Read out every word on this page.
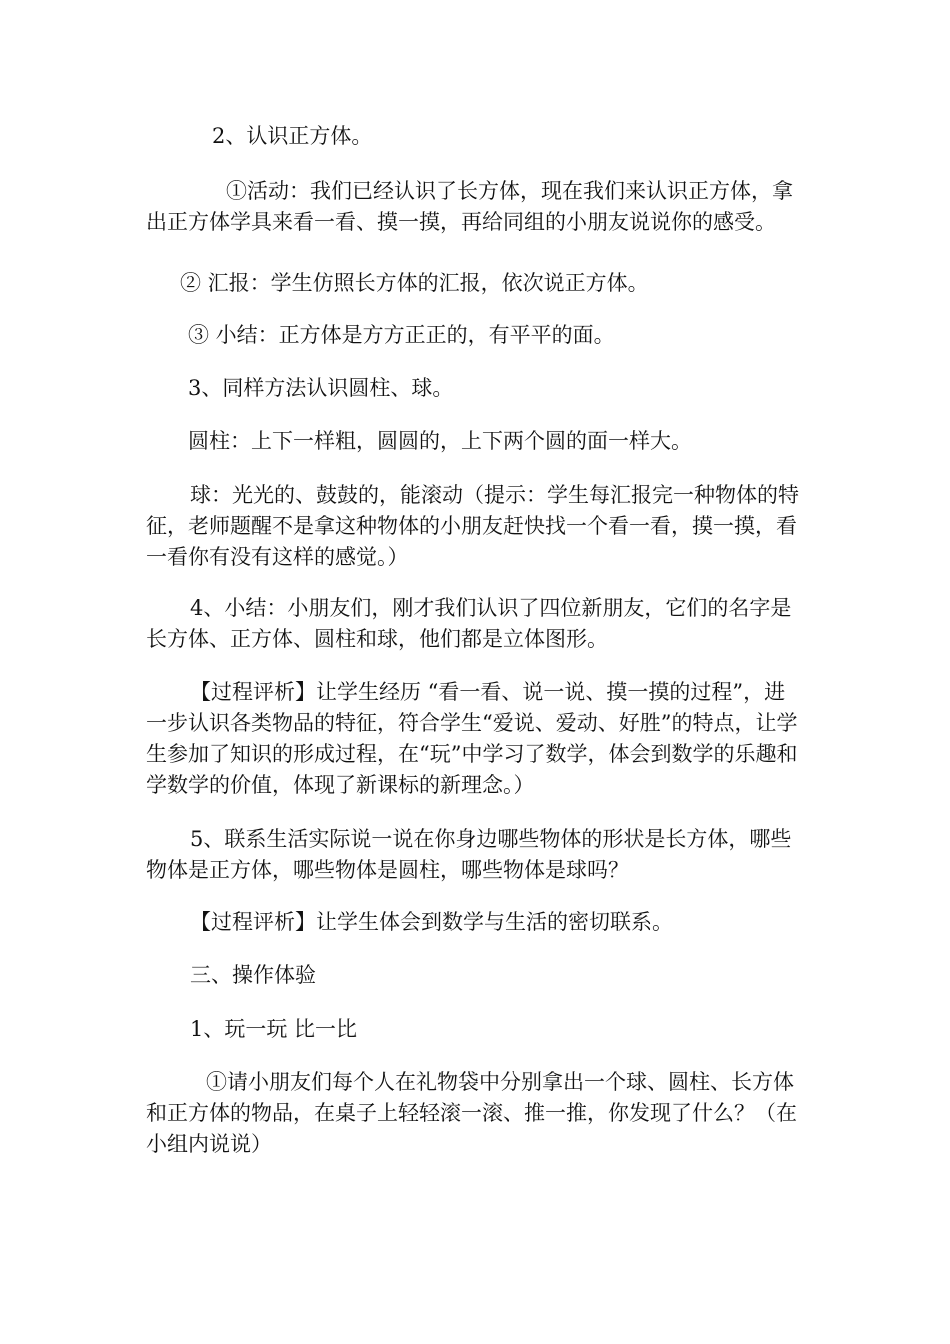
2、认识正方体。

①活动：我们已经认识了长方体，现在我们来认识正方体，拿出正方体学具来看一看、摸一摸，再给同组的小朋友说说你的感受。

② 汇报：学生仿照长方体的汇报，依次说正方体。

③ 小结：正方体是方方正正的，有平平的面。

3、同样方法认识圆柱、球。

圆柱：上下一样粗，圆圆的，上下两个圆的面一样大。

球：光光的、鼓鼓的，能滚动（提示：学生每汇报完一种物体的特征，老师题醒不是拿这种物体的小朋友赶快找一个看一看，摸一摸，看一看你有没有这样的感觉。）

4、小结：小朋友们，刚才我们认识了四位新朋友，它们的名字是长方体、正方体、圆柱和球，他们都是立体图形。

【过程评析】让学生经历 “看一看、说一说、摸一摸的过程”，进一步认识各类物品的特征，符合学生“爱说、爱动、好胜”的特点，让学生参加了知识的形成过程，在“玩”中学习了数学，体会到数学的乐趣和学数学的价值，体现了新课标的新理念。）

5、联系生活实际说一说在你身边哪些物体的形状是长方体，哪些物体是正方体，哪些物体是圆柱，哪些物体是球吗？

【过程评析】让学生体会到数学与生活的密切联系。

三、操作体验

1、玩一玩 比一比

①请小朋友们每个人在礼物袋中分别拿出一个球、圆柱、长方体和正方体的物品，在桌子上轻轻滚一滚、推一推，你发现了什么？（在小组内说说）
